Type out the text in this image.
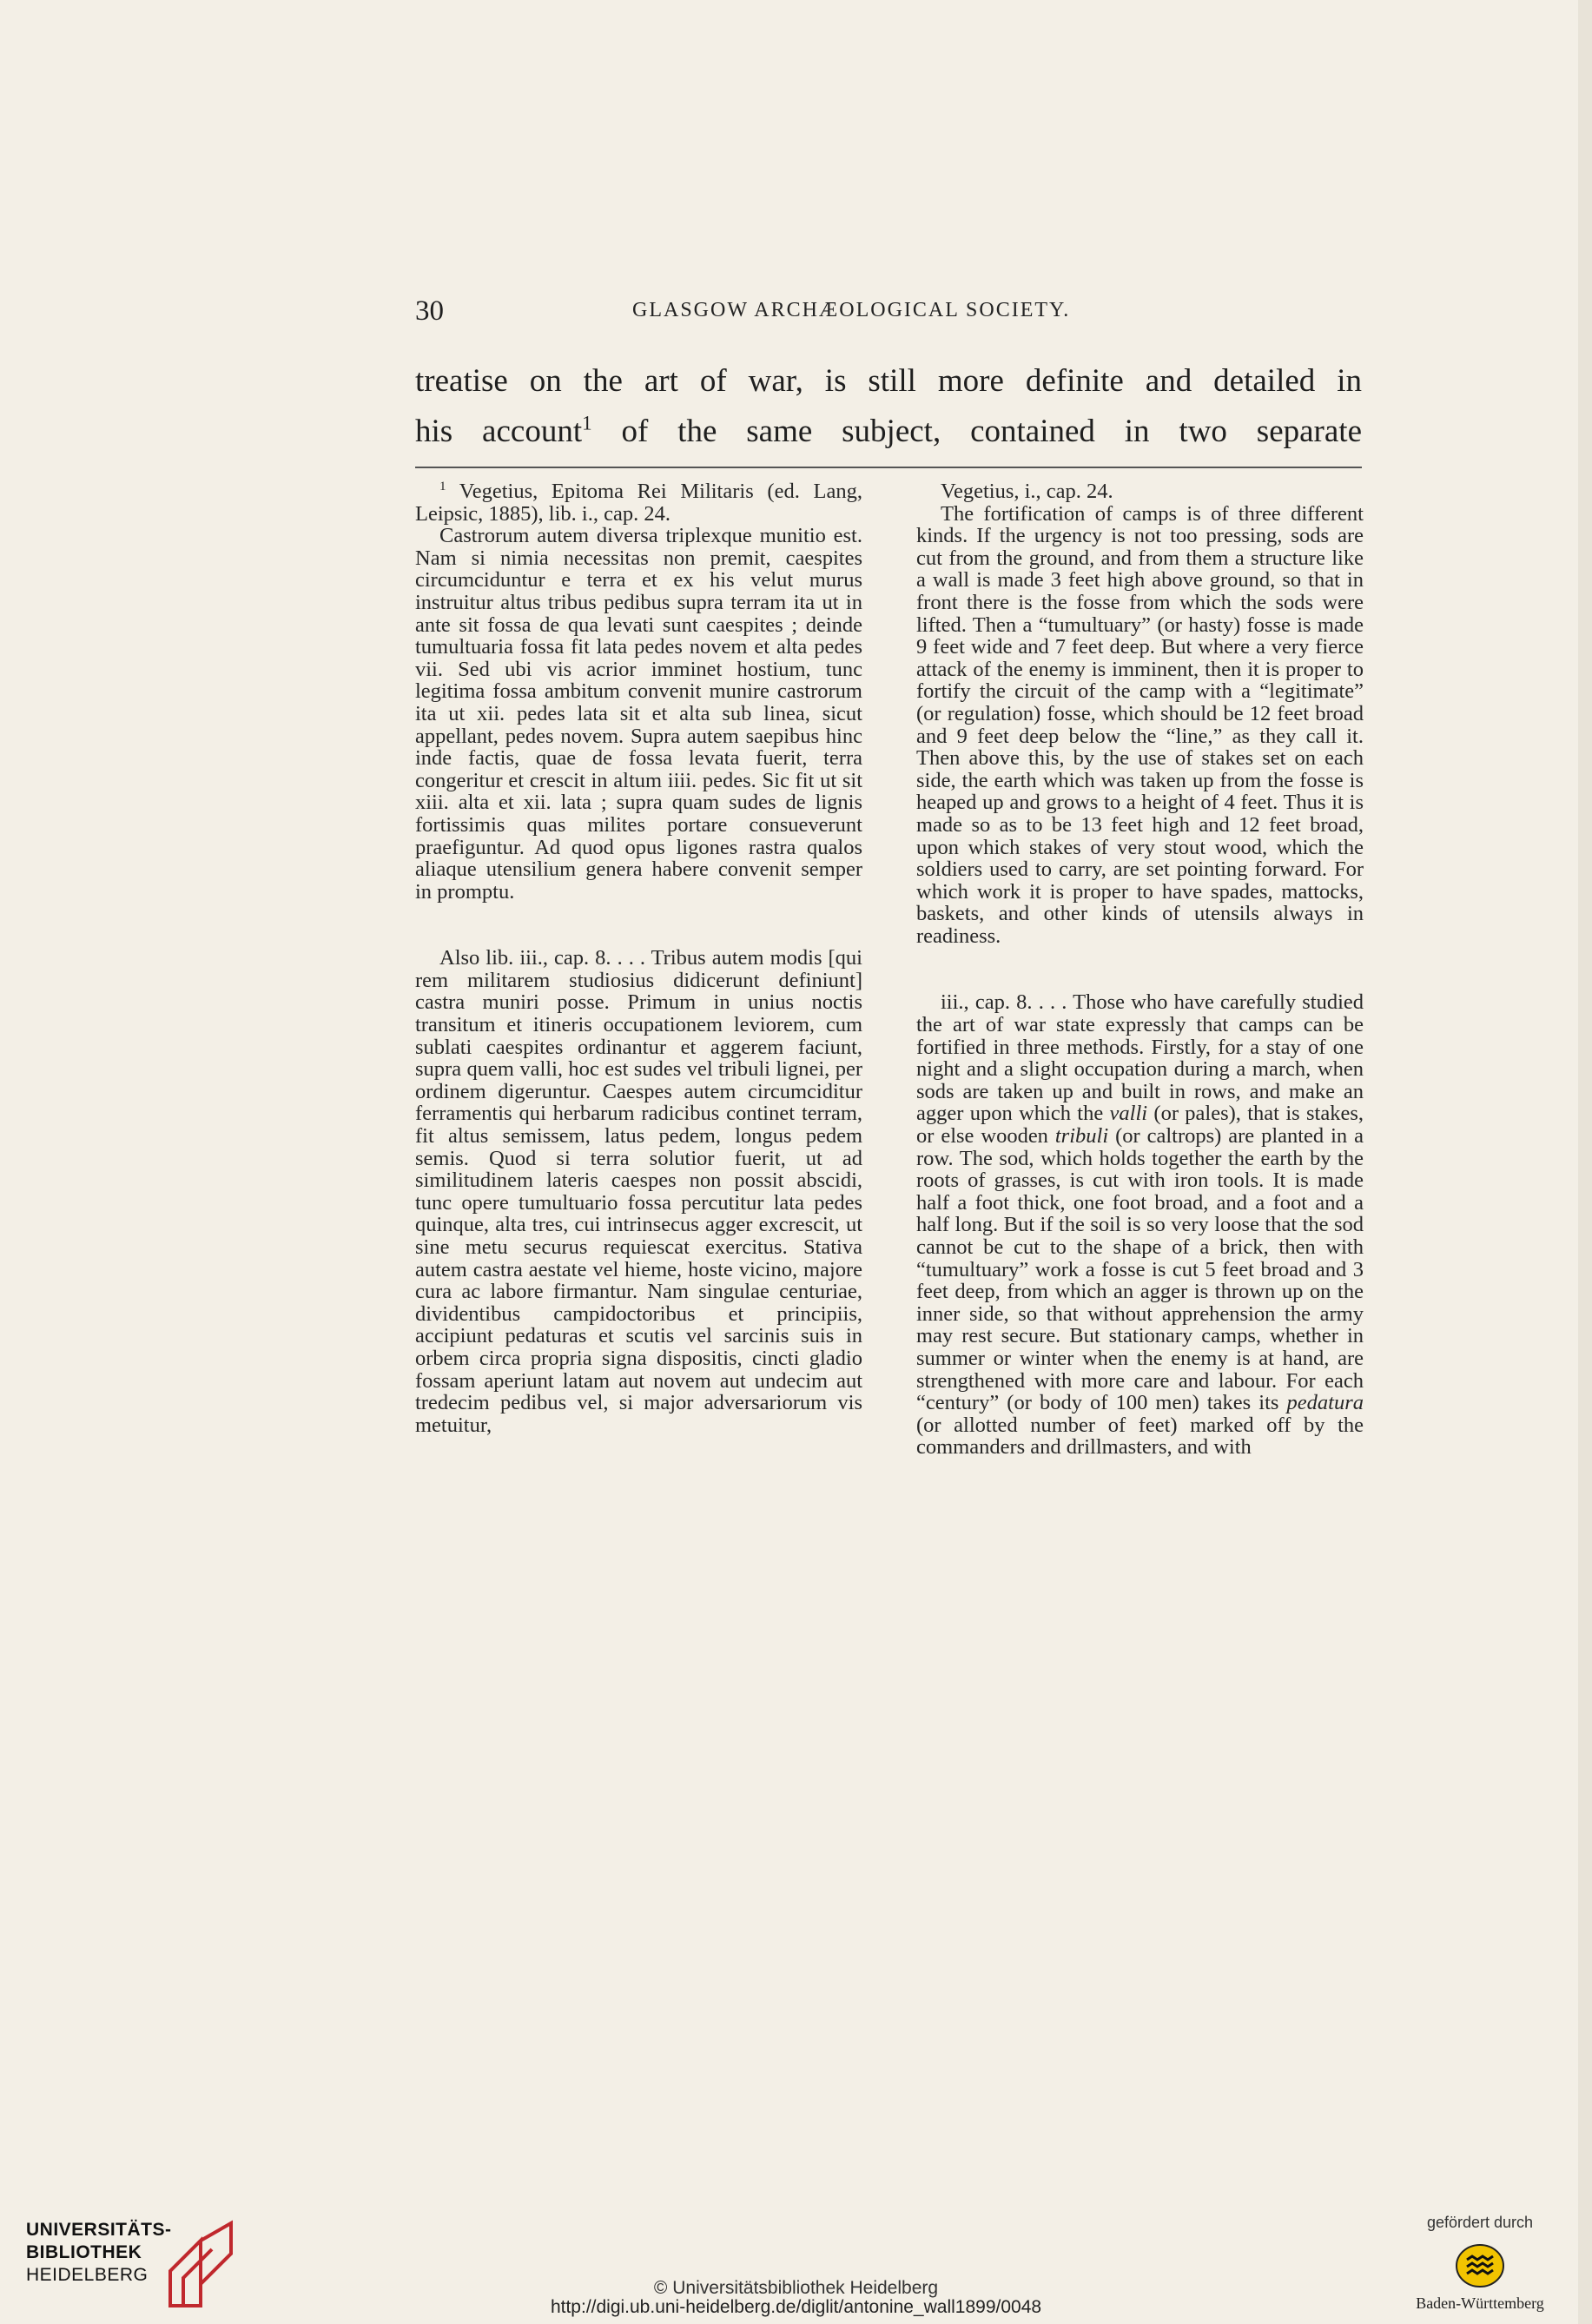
30	GLASGOW ARCHÆOLOGICAL SOCIETY.

treatise on the art of war, is still more definite and detailed in

his account$^1$ of the same subject, contained in two separate

$^1$ Vegetius, Epitoma Rei Militaris (ed. Lang, Leipsic, 1885), lib. i., cap. 24.

Castrorum autem diversa triplexque munitio est. Nam si nimia necessitas non premit, caespites circumciduntur e terra et ex his velut murus instruitur altus tribus pedibus supra terram ita ut in ante sit fossa de qua levati sunt caespites ; deinde tumultuaria fossa fit lata pedes novem et alta pedes vii. Sed ubi vis acrior imminet hostium, tunc legitima fossa ambitum convenit munire castrorum ita ut xii. pedes lata sit et alta sub linea, sicut appellant, pedes novem. Supra autem saepibus hinc inde factis, quae de fossa levata fuerit, terra congeritur et crescit in altum iiii. pedes. Sic fit ut sit xiii. alta et xii. lata ; supra quam sudes de lignis fortissimis quas milites portare consueverunt praefiguntur. Ad quod opus ligones rastra qualos aliaque utensilium genera habere convenit semper in promptu.

Also lib. iii., cap. 8. . . . Tribus autem modis [qui rem militarem studiosius didicerunt definiunt] castra muniri posse. Primum in unius noctis transitum et itineris occupationem leviorem, cum sublati caespites ordinantur et aggerem faciunt, supra quem valli, hoc est sudes vel tribuli lignei, per ordinem digeruntur. Caespes autem circumciditur ferramentis qui herbarum radicibus continet terram, fit altus semissem, latus pedem, longus pedem semis. Quod si terra solutior fuerit, ut ad similitudinem lateris caespes non possit abscidi, tunc opere tumultuario fossa percutitur lata pedes quinque, alta tres, cui intrinsecus agger excrescit, ut sine metu securus requiescat exercitus. Stativa autem castra aestate vel hieme, hoste vicino, majore cura ac labore firmantur. Nam singulae centuriae, dividentibus campidoctoribus et principiis, accipiunt pedaturas et scutis vel sarcinis suis in orbem circa propria signa dispositis, cincti gladio fossam aperiunt latam aut novem aut undecim aut tredecim pedibus vel, si major adversariorum vis metuitur,

Vegetius, i., cap. 24.

The fortification of camps is of three different kinds. If the urgency is not too pressing, sods are cut from the ground, and from them a structure like a wall is made 3 feet high above ground, so that in front there is the fosse from which the sods were lifted. Then a “tumultuary” (or hasty) fosse is made 9 feet wide and 7 feet deep. But where a very fierce attack of the enemy is imminent, then it is proper to fortify the circuit of the camp with a “legitimate” (or regulation) fosse, which should be 12 feet broad and 9 feet deep below the “line,” as they call it. Then above this, by the use of stakes set on each side, the earth which was taken up from the fosse is heaped up and grows to a height of 4 feet. Thus it is made so as to be 13 feet high and 12 feet broad, upon which stakes of very stout wood, which the soldiers used to carry, are set pointing forward. For which work it is proper to have spades, mattocks, baskets, and other kinds of utensils always in readiness.

iii., cap. 8. . . . Those who have carefully studied the art of war state expressly that camps can be fortified in three methods. Firstly, for a stay of one night and a slight occupation during a march, when sods are taken up and built in rows, and make an agger upon which the valli (or pales), that is stakes, or else wooden tribuli (or caltrops) are planted in a row. The sod, which holds together the earth by the roots of grasses, is cut with iron tools. It is made half a foot thick, one foot broad, and a foot and a half long. But if the soil is so very loose that the sod cannot be cut to the shape of a brick, then with “tumultuary” work a fosse is cut 5 feet broad and 3 feet deep, from which an agger is thrown up on the inner side, so that without apprehension the army may rest secure. But stationary camps, whether in summer or winter when the enemy is at hand, are strengthened with more care and labour. For each “century” (or body of 100 men) takes its pedatura (or allotted number of feet) marked off by the commanders and drillmasters, and with

UNIVERSITÄTS-
BIBLIOTHEK
HEIDELBERG
© Universitätsbibliothek Heidelberg
http://digi.ub.uni-heidelberg.de/diglit/antonine_wall1899/0048
gefördert durch
Baden-Württemberg
